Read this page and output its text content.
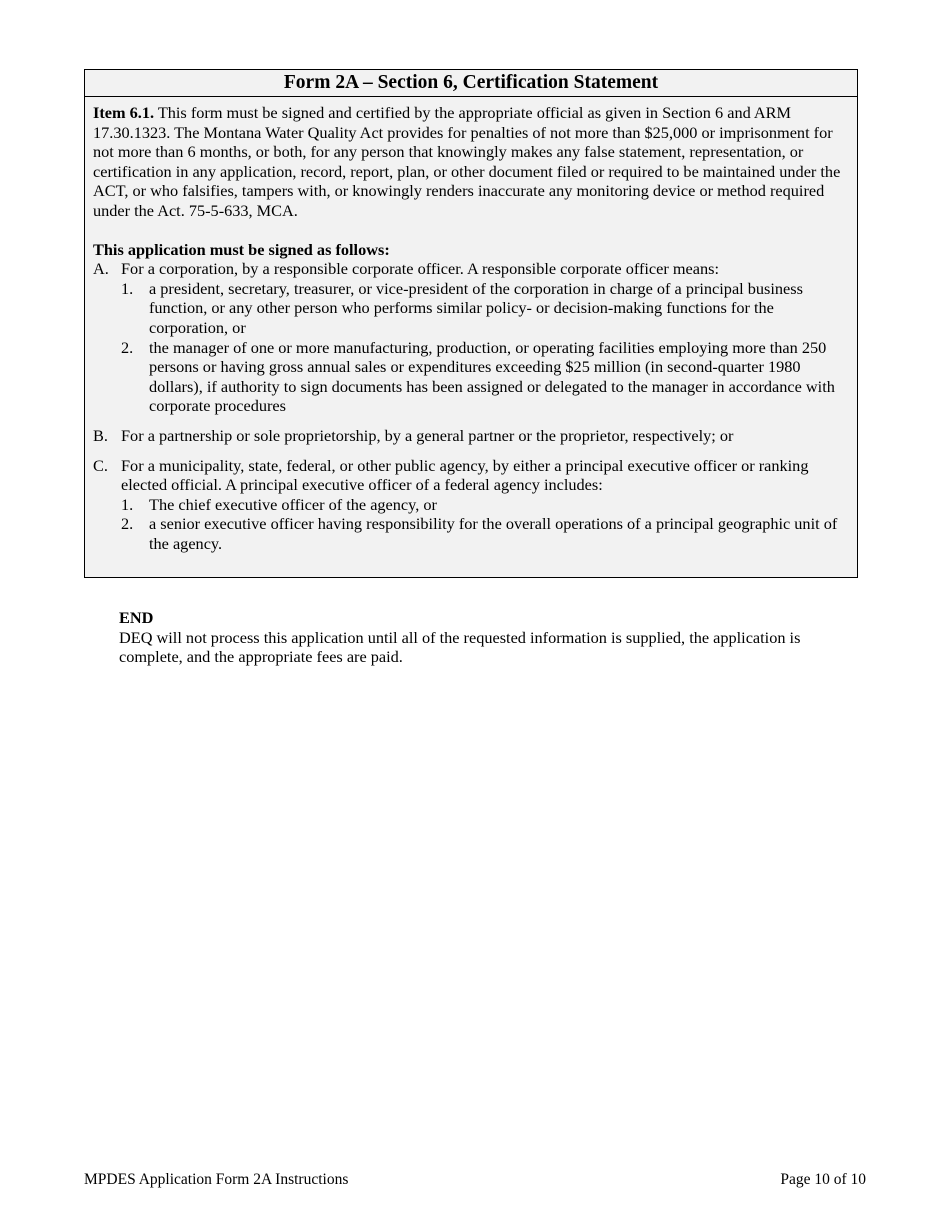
Form 2A – Section 6, Certification Statement

Item 6.1. This form must be signed and certified by the appropriate official as given in Section 6 and ARM 17.30.1323. The Montana Water Quality Act provides for penalties of not more than $25,000 or imprisonment for not more than 6 months, or both, for any person that knowingly makes any false statement, representation, or certification in any application, record, report, plan, or other document filed or required to be maintained under the ACT, or who falsifies, tampers with, or knowingly renders inaccurate any monitoring device or method required under the Act. 75-5-633, MCA.

This application must be signed as follows:

A. For a corporation, by a responsible corporate officer. A responsible corporate officer means:
1. a president, secretary, treasurer, or vice-president of the corporation in charge of a principal business function, or any other person who performs similar policy- or decision-making functions for the corporation, or
2. the manager of one or more manufacturing, production, or operating facilities employing more than 250 persons or having gross annual sales or expenditures exceeding $25 million (in second-quarter 1980 dollars), if authority to sign documents has been assigned or delegated to the manager in accordance with corporate procedures
B. For a partnership or sole proprietorship, by a general partner or the proprietor, respectively; or
C. For a municipality, state, federal, or other public agency, by either a principal executive officer or ranking elected official. A principal executive officer of a federal agency includes:
1. The chief executive officer of the agency, or
2. a senior executive officer having responsibility for the overall operations of a principal geographic unit of the agency.

END

DEQ will not process this application until all of the requested information is supplied, the application is complete, and the appropriate fees are paid.

MPDES Application Form 2A Instructions	Page 10 of 10
